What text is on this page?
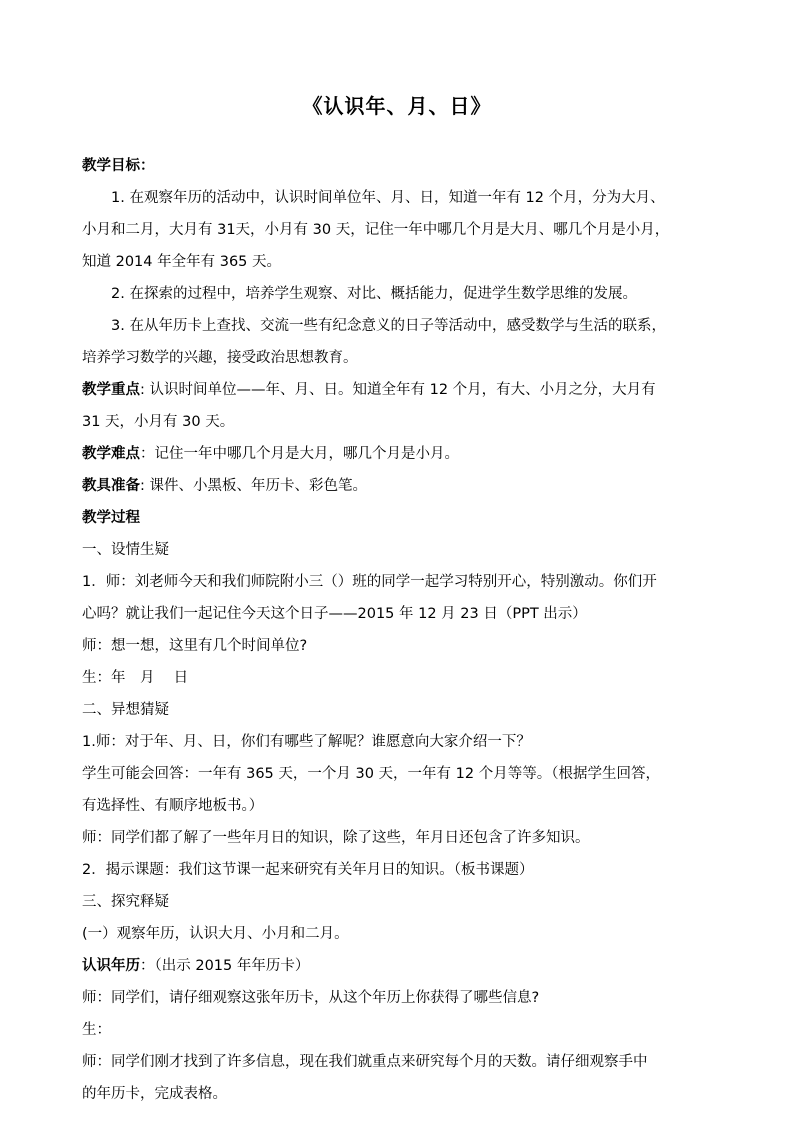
《认识年、月、日》

教学目标：

1. 在观察年历的活动中，认识时间单位年、月、日，知道一年有 12 个月，分为大月、

小月和二月，大月有 31天，小月有 30 天，记住一年中哪几个月是大月、哪几个月是小月，

知道 2014 年全年有 365 天。

2. 在探索的过程中，培养学生观察、对比、概括能力，促进学生数学思维的发展。

3. 在从年历卡上查找、交流一些有纪念意义的日子等活动中，感受数学与生活的联系，

培养学习数学的兴趣，接受政治思想教育。

教学重点: 认识时间单位——年、月、日。知道全年有 12 个月，有大、小月之分，大月有

31 天，小月有 30 天。

教学难点：记住一年中哪几个月是大月，哪几个月是小月。

教具准备: 课件、小黑板、年历卡、彩色笔。

教学过程

一、设情生疑

1．师：刘老师今天和我们师院附小三（）班的同学一起学习特别开心，特别激动。你们开

心吗？就让我们一起记住今天这个日子——2015 年 12 月 23 日（PPT 出示）

师：想一想，这里有几个时间单位?

生：年　月　 日

二、异想猜疑

1.师：对于年、月、日，你们有哪些了解呢？谁愿意向大家介绍一下？

学生可能会回答：一年有 365 天，一个月 30 天，一年有 12 个月等等。（根据学生回答，

有选择性、有顺序地板书。）

师：同学们都了解了一些年月日的知识，除了这些，年月日还包含了许多知识。

2．揭示课题：我们这节课一起来研究有关年月日的知识。（板书课题）

三、探究释疑

(一）观察年历，认识大月、小月和二月。

认识年历：（出示 2015 年年历卡）

师：同学们，请仔细观察这张年历卡，从这个年历上你获得了哪些信息?

生：

师：同学们刚才找到了许多信息，现在我们就重点来研究每个月的天数。请仔细观察手中

的年历卡，完成表格。
